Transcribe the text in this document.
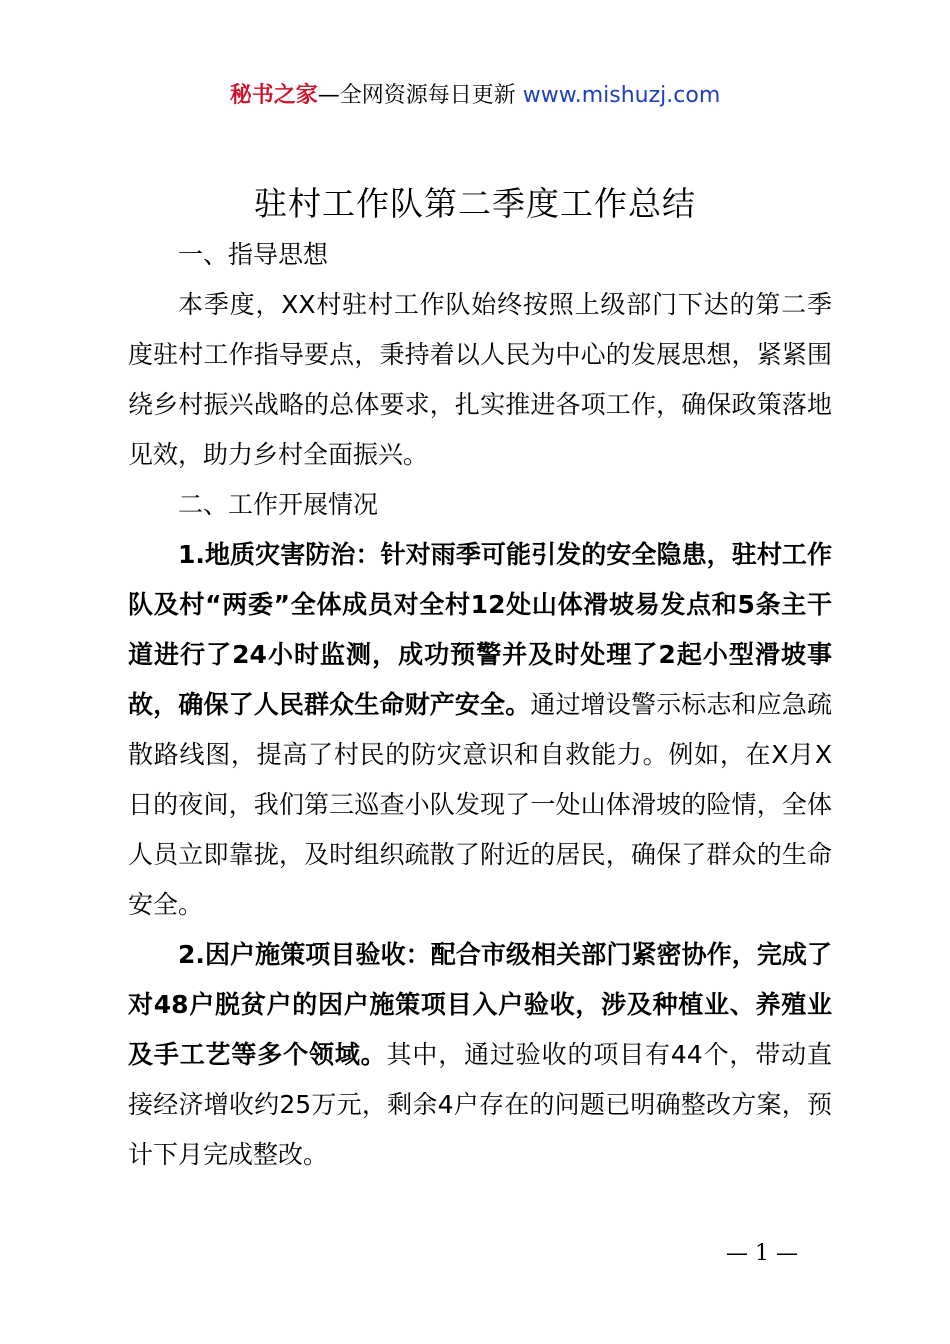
秘书之家—全网资源每日更新 www.mishuzj.com
驻村工作队第二季度工作总结

一、指导思想

本季度，XX村驻村工作队始终按照上级部门下达的第二季度驻村工作指导要点，秉持着以人民为中心的发展思想，紧紧围绕乡村振兴战略的总体要求，扎实推进各项工作，确保政策落地见效，助力乡村全面振兴。

二、工作开展情况

1.地质灾害防治：针对雨季可能引发的安全隐患，驻村工作队及村“两委”全体成员对全村12处山体滑坡易发点和5条主干道进行了24小时监测，成功预警并及时处理了2起小型滑坡事故，确保了人民群众生命财产安全。通过增设警示标志和应急疏散路线图，提高了村民的防灾意识和自救能力。例如，在X月X日的夜间，我们第三巡查小队发现了一处山体滑坡的险情，全体人员立即靠拢，及时组织疏散了附近的居民，确保了群众的生命安全。

2.因户施策项目验收：配合市级相关部门紧密协作，完成了对48户脱贫户的因户施策项目入户验收，涉及种植业、养殖业及手工艺等多个领域。其中，通过验收的项目有44个，带动直接经济增收约25万元，剩余4户存在的问题已明确整改方案，预计下月完成整改。

— 1 —
